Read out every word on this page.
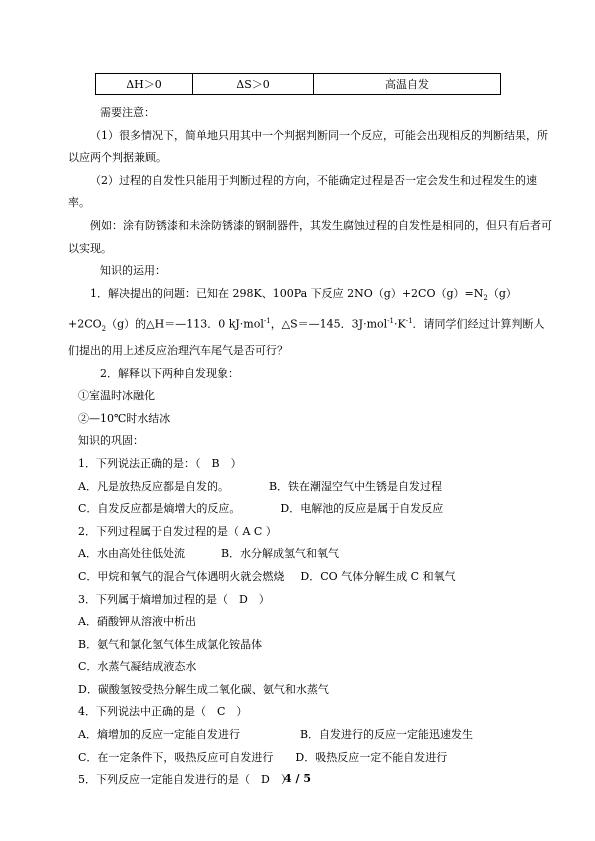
ΔH＞0	ΔS＞0	高温自发
需要注意：
（1）很多情况下，简单地只用其中一个判据判断同一个反应，可能会出现相反的判断结果，所以应两个判据兼顾。
（2）过程的自发性只能用于判断过程的方向，不能确定过程是否一定会发生和过程发生的速率。
例如：涂有防锈漆和未涂防锈漆的钢制器件，其发生腐蚀过程的自发性是相同的，但只有后者可以实现。
知识的运用：
1．解决提出的问题：已知在 298K、100Pa 下反应 $2NO(g)+2CO(g)=N_2(g)+2CO_2(g)$的△H＝—113．0 kJ·mol$^{-1}$，△S＝—145．$3J\cdot mol^{-1}\cdot K^{-1}$．请同学们经过计算判断人们提出的用上述反应治理汽车尾气是否可行？
2．解释以下两种自发现象：
①室温时冰融化
②—10℃时水结冰
知识的巩固：
1．下列说法正确的是：（　B　）
A．凡是放热反应都是自发的。	B．铁在潮湿空气中生锈是自发过程
C．自发反应都是熵增大的反应。	D．电解池的反应是属于自发反应
2．下列过程属于自发过程的是（ A C ）
A．水由高处往低处流	B．水分解成氢气和氧气
C．甲烷和氧气的混合气体遇明火就会燃烧 D．CO 气体分解生成 C 和氧气
3．下列属于熵增加过程的是（　D　）
A．硝酸钾从溶液中析出
B．氨气和氯化氢气体生成氯化铵晶体
C．水蒸气凝结成液态水
D．碳酸氢铵受热分解生成二氧化碳、氨气和水蒸气
4．下列说法中正确的是（　C　）
A．熵增加的反应一定能自发进行	B．自发进行的反应一定能迅速发生
C．在一定条件下，吸热反应可自发进行 D．吸热反应一定不能自发进行
5．下列反应一定能自发进行的是（　D　）
4 / 5
